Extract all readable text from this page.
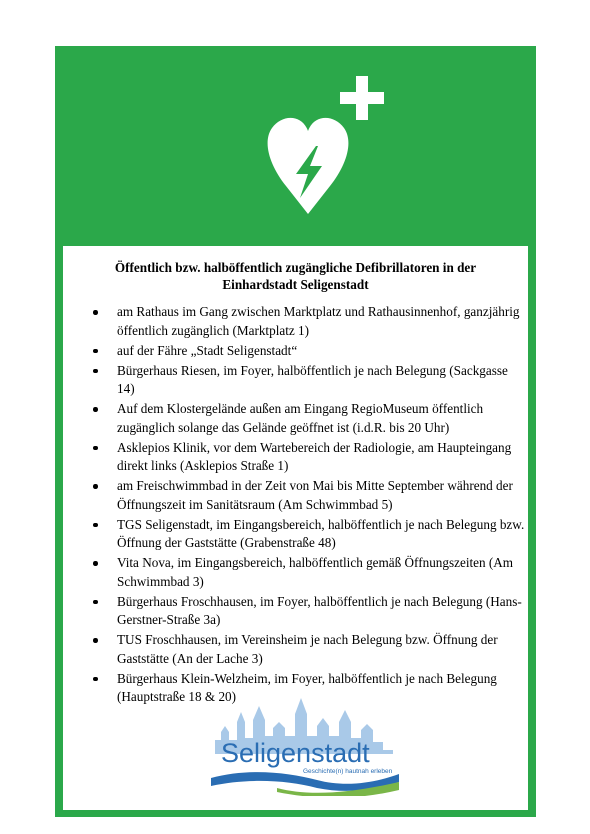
Öffentlich bzw. halböffentlich zugängliche Defibrillatoren in der
Einhardstadt Seligenstadt
am Rathaus im Gang zwischen Marktplatz und Rathausinnenhof, ganzjährig öffentlich zugänglich (Marktplatz 1)
auf der Fähre „Stadt Seligenstadt“
Bürgerhaus Riesen, im Foyer, halböffentlich je nach Belegung (Sackgasse 14)
Auf dem Klostergelände außen am Eingang RegioMuseum öffentlich zugänglich solange das Gelände geöffnet ist (i.d.R. bis 20 Uhr)
Asklepios Klinik, vor dem Wartebereich der Radiologie, am Haupteingang direkt links (Asklepios Straße 1)
am Freischwimmbad in der Zeit von Mai bis Mitte September während der Öffnungszeit im Sanitätsraum (Am Schwimmbad 5)
TGS Seligenstadt, im Eingangsbereich, halböffentlich je nach Belegung bzw. Öffnung der Gaststätte (Grabenstraße 48)
Vita Nova, im Eingangsbereich, halböffentlich gemäß Öffnungszeiten (Am Schwimmbad 3)
Bürgerhaus Froschhausen, im Foyer, halböffentlich je nach Belegung (Hans-Gerstner-Straße 3a)
TUS Froschhausen, im Vereinsheim je nach Belegung bzw. Öffnung der Gaststätte (An der Lache 3)
Bürgerhaus Klein-Welzheim, im Foyer, halböffentlich je nach Belegung (Hauptstraße 18 & 20)
Seligenstadt
Geschichte(n) hautnah erleben
